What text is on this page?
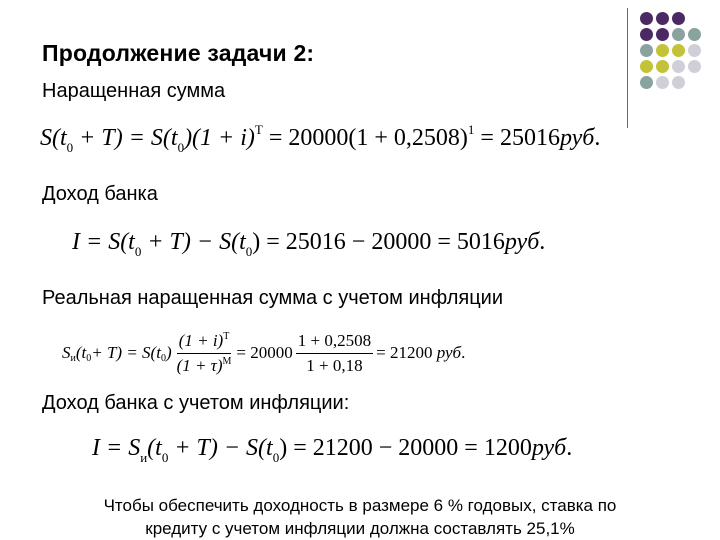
Продолжение задачи 2:
Наращенная сумма
$S(t_0 + T) = S(t_0)(1 + i)^T = 20000(1 + 0,2508)^1 = 25016руб$.
Доход банка
$I = S(t_0 + T) - S(t_0) = 25016 - 20000 = 5016руб$.
Реальная наращенная сумма с учетом инфляции
S и (t 0 + T) = S(t 0 ) $\frac{(1 + i)^T}{(1 + \tau)^M} = 20000 \frac{1 + 0,2508}{1 + 0,18} = 21200$
руб .
Доход банка с учетом инфляции:
$I = S_и(t_0 + T) - S(t_0) = 21200 - 20000 = 1200руб$.
Чтобы обеспечить доходность в размере 6 % годовых, ставка по
кредиту с учетом инфляции должна составлять 25,1%
